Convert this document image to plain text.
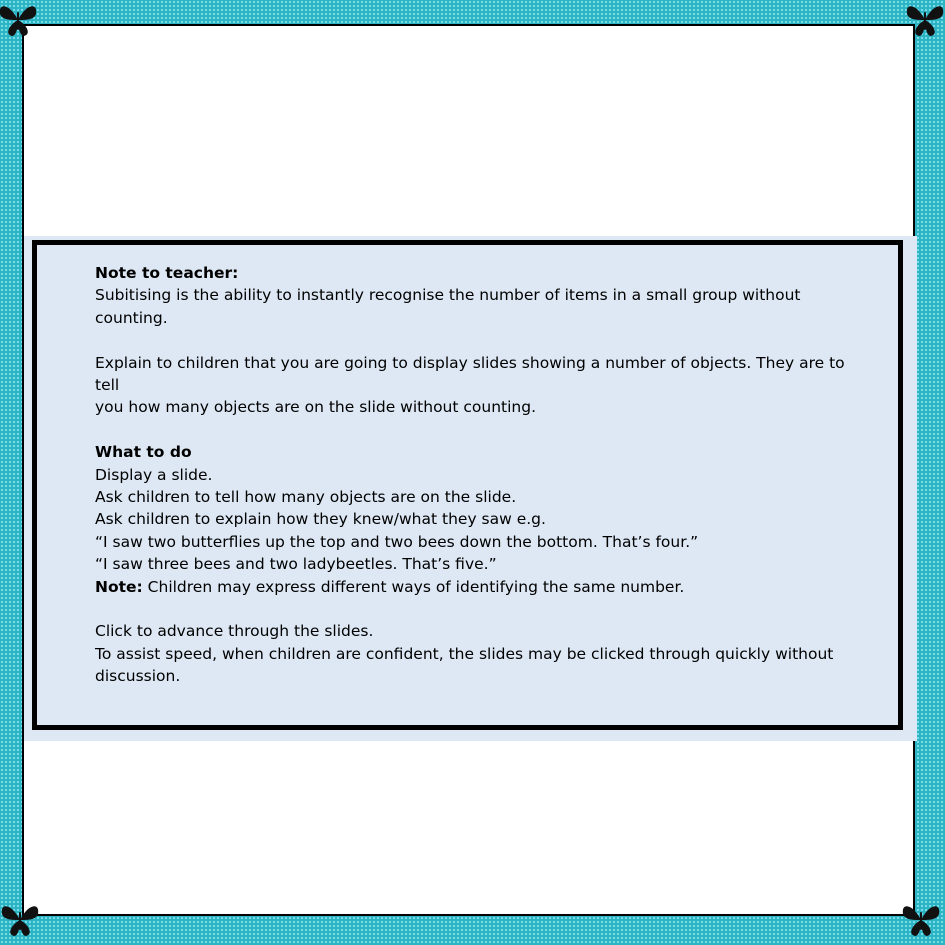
Note to teacher:

Subitising is the ability to instantly recognise the number of items in a small group without

counting.

Explain to children that you are going to display slides showing a number of objects. They are to tell

you how many objects are on the slide without counting.

What to do

Display a slide.

Ask children to tell how many objects are on the slide.

Ask children to explain how they knew/what they saw e.g.

“I saw two butterflies up the top and two bees down the bottom. That’s four.”

“I saw three bees and two ladybeetles. That’s five.”

Note: Children may express different ways of identifying the same number.

Click to advance through the slides.

To assist speed, when children are confident, the slides may be clicked through quickly without

discussion.
